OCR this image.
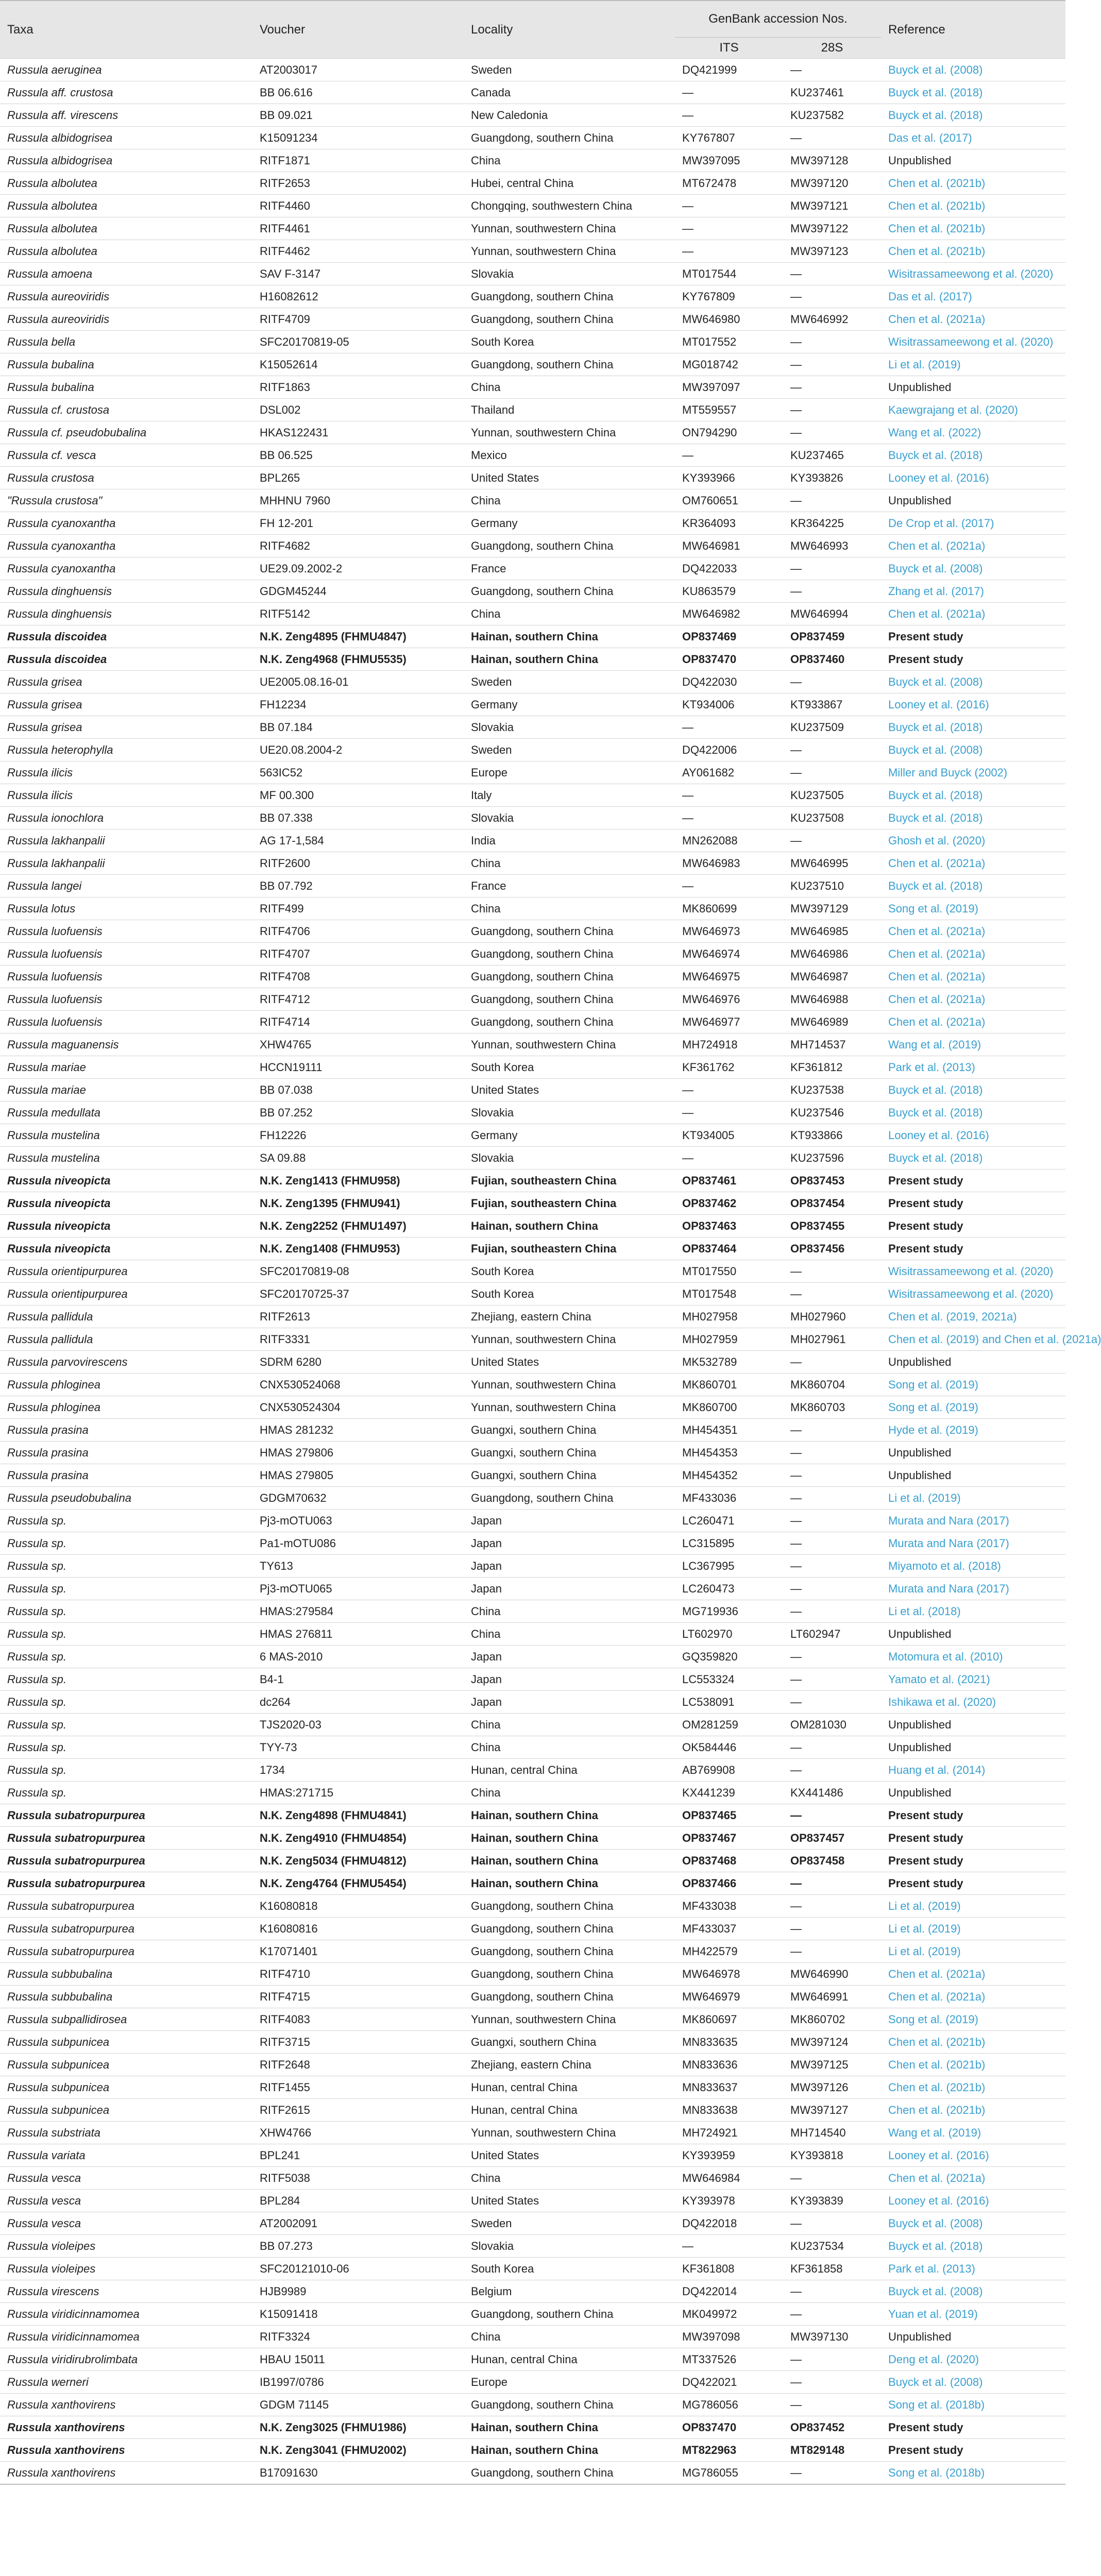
Taxa	Voucher	Locality	GenBank accession Nos.		Reference
			ITS	28S	
Russula aeruginea	AT2003017	Sweden	DQ421999	—	Buyck et al. (2008)
Russula aff. crustosa	BB 06.616	Canada	—	KU237461	Buyck et al. (2018)
Russula aff. virescens	BB 09.021	New Caledonia	—	KU237582	Buyck et al. (2018)
Russula albidogrisea	K15091234	Guangdong, southern China	KY767807	—	Das et al. (2017)
Russula albidogrisea	RITF1871	China	MW397095	MW397128	Unpublished
Russula albolutea	RITF2653	Hubei, central China	MT672478	MW397120	Chen et al. (2021b)
Russula albolutea	RITF4460	Chongqing, southwestern China	—	MW397121	Chen et al. (2021b)
Russula albolutea	RITF4461	Yunnan, southwestern China	—	MW397122	Chen et al. (2021b)
Russula albolutea	RITF4462	Yunnan, southwestern China	—	MW397123	Chen et al. (2021b)
Russula amoena	SAV F-3147	Slovakia	MT017544	—	Wisitrassameewong et al. (2020)
Russula aureoviridis	H16082612	Guangdong, southern China	KY767809	—	Das et al. (2017)
Russula aureoviridis	RITF4709	Guangdong, southern China	MW646980	MW646992	Chen et al. (2021a)
Russula bella	SFC20170819-05	South Korea	MT017552	—	Wisitrassameewong et al. (2020)
Russula bubalina	K15052614	Guangdong, southern China	MG018742	—	Li et al. (2019)
Russula bubalina	RITF1863	China	MW397097	—	Unpublished
Russula cf. crustosa	DSL002	Thailand	MT559557	—	Kaewgrajang et al. (2020)
Russula cf. pseudobubalina	HKAS122431	Yunnan, southwestern China	ON794290	—	Wang et al. (2022)
Russula cf. vesca	BB 06.525	Mexico	—	KU237465	Buyck et al. (2018)
Russula crustosa	BPL265	United States	KY393966	KY393826	Looney et al. (2016)
"Russula crustosa"	MHHNU 7960	China	OM760651	—	Unpublished
Russula cyanoxantha	FH 12-201	Germany	KR364093	KR364225	De Crop et al. (2017)
Russula cyanoxantha	RITF4682	Guangdong, southern China	MW646981	MW646993	Chen et al. (2021a)
Russula cyanoxantha	UE29.09.2002-2	France	DQ422033	—	Buyck et al. (2008)
Russula dinghuensis	GDGM45244	Guangdong, southern China	KU863579	—	Zhang et al. (2017)
Russula dinghuensis	RITF5142	China	MW646982	MW646994	Chen et al. (2021a)
Russula discoidea	N.K. Zeng4895 (FHMU4847)	Hainan, southern China	OP837469	OP837459	Present study
Russula discoidea	N.K. Zeng4968 (FHMU5535)	Hainan, southern China	OP837470	OP837460	Present study
Russula grisea	UE2005.08.16-01	Sweden	DQ422030	—	Buyck et al. (2008)
Russula grisea	FH12234	Germany	KT934006	KT933867	Looney et al. (2016)
Russula grisea	BB 07.184	Slovakia	—	KU237509	Buyck et al. (2018)
Russula heterophylla	UE20.08.2004-2	Sweden	DQ422006	—	Buyck et al. (2008)
Russula ilicis	563IC52	Europe	AY061682	—	Miller and Buyck (2002)
Russula ilicis	MF 00.300	Italy	—	KU237505	Buyck et al. (2018)
Russula ionochlora	BB 07.338	Slovakia	—	KU237508	Buyck et al. (2018)
Russula lakhanpalii	AG 17-1,584	India	MN262088	—	Ghosh et al. (2020)
Russula lakhanpalii	RITF2600	China	MW646983	MW646995	Chen et al. (2021a)
Russula langei	BB 07.792	France	—	KU237510	Buyck et al. (2018)
Russula lotus	RITF499	China	MK860699	MW397129	Song et al. (2019)
Russula luofuensis	RITF4706	Guangdong, southern China	MW646973	MW646985	Chen et al. (2021a)
Russula luofuensis	RITF4707	Guangdong, southern China	MW646974	MW646986	Chen et al. (2021a)
Russula luofuensis	RITF4708	Guangdong, southern China	MW646975	MW646987	Chen et al. (2021a)
Russula luofuensis	RITF4712	Guangdong, southern China	MW646976	MW646988	Chen et al. (2021a)
Russula luofuensis	RITF4714	Guangdong, southern China	MW646977	MW646989	Chen et al. (2021a)
Russula maguanensis	XHW4765	Yunnan, southwestern China	MH724918	MH714537	Wang et al. (2019)
Russula mariae	HCCN19111	South Korea	KF361762	KF361812	Park et al. (2013)
Russula mariae	BB 07.038	United States	—	KU237538	Buyck et al. (2018)
Russula medullata	BB 07.252	Slovakia	—	KU237546	Buyck et al. (2018)
Russula mustelina	FH12226	Germany	KT934005	KT933866	Looney et al. (2016)
Russula mustelina	SA 09.88	Slovakia	—	KU237596	Buyck et al. (2018)
Russula niveopicta	N.K. Zeng1413 (FHMU958)	Fujian, southeastern China	OP837461	OP837453	Present study
Russula niveopicta	N.K. Zeng1395 (FHMU941)	Fujian, southeastern China	OP837462	OP837454	Present study
Russula niveopicta	N.K. Zeng2252 (FHMU1497)	Hainan, southern China	OP837463	OP837455	Present study
Russula niveopicta	N.K. Zeng1408 (FHMU953)	Fujian, southeastern China	OP837464	OP837456	Present study
Russula orientipurpurea	SFC20170819-08	South Korea	MT017550	—	Wisitrassameewong et al. (2020)
Russula orientipurpurea	SFC20170725-37	South Korea	MT017548	—	Wisitrassameewong et al. (2020)
Russula pallidula	RITF2613	Zhejiang, eastern China	MH027958	MH027960	Chen et al. (2019, 2021a)
Russula pallidula	RITF3331	Yunnan, southwestern China	MH027959	MH027961	Chen et al. (2019) and Chen et al. (2021a)
Russula parvovirescens	SDRM 6280	United States	MK532789	—	Unpublished
Russula phloginea	CNX530524068	Yunnan, southwestern China	MK860701	MK860704	Song et al. (2019)
Russula phloginea	CNX530524304	Yunnan, southwestern China	MK860700	MK860703	Song et al. (2019)
Russula prasina	HMAS 281232	Guangxi, southern China	MH454351	—	Hyde et al. (2019)
Russula prasina	HMAS 279806	Guangxi, southern China	MH454353	—	Unpublished
Russula prasina	HMAS 279805	Guangxi, southern China	MH454352	—	Unpublished
Russula pseudobubalina	GDGM70632	Guangdong, southern China	MF433036	—	Li et al. (2019)
Russula sp.	Pj3-mOTU063	Japan	LC260471	—	Murata and Nara (2017)
Russula sp.	Pa1-mOTU086	Japan	LC315895	—	Murata and Nara (2017)
Russula sp.	TY613	Japan	LC367995	—	Miyamoto et al. (2018)
Russula sp.	Pj3-mOTU065	Japan	LC260473	—	Murata and Nara (2017)
Russula sp.	HMAS:279584	China	MG719936	—	Li et al. (2018)
Russula sp.	HMAS 276811	China	LT602970	LT602947	Unpublished
Russula sp.	6 MAS-2010	Japan	GQ359820	—	Motomura et al. (2010)
Russula sp.	B4-1	Japan	LC553324	—	Yamato et al. (2021)
Russula sp.	dc264	Japan	LC538091	—	Ishikawa et al. (2020)
Russula sp.	TJS2020-03	China	OM281259	OM281030	Unpublished
Russula sp.	TYY-73	China	OK584446	—	Unpublished
Russula sp.	1734	Hunan, central China	AB769908	—	Huang et al. (2014)
Russula sp.	HMAS:271715	China	KX441239	KX441486	Unpublished
Russula subatropurpurea	N.K. Zeng4898 (FHMU4841)	Hainan, southern China	OP837465	—	Present study
Russula subatropurpurea	N.K. Zeng4910 (FHMU4854)	Hainan, southern China	OP837467	OP837457	Present study
Russula subatropurpurea	N.K. Zeng5034 (FHMU4812)	Hainan, southern China	OP837468	OP837458	Present study
Russula subatropurpurea	N.K. Zeng4764 (FHMU5454)	Hainan, southern China	OP837466	—	Present study
Russula subatropurpurea	K16080818	Guangdong, southern China	MF433038	—	Li et al. (2019)
Russula subatropurpurea	K16080816	Guangdong, southern China	MF433037	—	Li et al. (2019)
Russula subatropurpurea	K17071401	Guangdong, southern China	MH422579	—	Li et al. (2019)
Russula subbubalina	RITF4710	Guangdong, southern China	MW646978	MW646990	Chen et al. (2021a)
Russula subbubalina	RITF4715	Guangdong, southern China	MW646979	MW646991	Chen et al. (2021a)
Russula subpallidirosea	RITF4083	Yunnan, southwestern China	MK860697	MK860702	Song et al. (2019)
Russula subpunicea	RITF3715	Guangxi, southern China	MN833635	MW397124	Chen et al. (2021b)
Russula subpunicea	RITF2648	Zhejiang, eastern China	MN833636	MW397125	Chen et al. (2021b)
Russula subpunicea	RITF1455	Hunan, central China	MN833637	MW397126	Chen et al. (2021b)
Russula subpunicea	RITF2615	Hunan, central China	MN833638	MW397127	Chen et al. (2021b)
Russula substriata	XHW4766	Yunnan, southwestern China	MH724921	MH714540	Wang et al. (2019)
Russula variata	BPL241	United States	KY393959	KY393818	Looney et al. (2016)
Russula vesca	RITF5038	China	MW646984	—	Chen et al. (2021a)
Russula vesca	BPL284	United States	KY393978	KY393839	Looney et al. (2016)
Russula vesca	AT2002091	Sweden	DQ422018	—	Buyck et al. (2008)
Russula violeipes	BB 07.273	Slovakia	—	KU237534	Buyck et al. (2018)
Russula violeipes	SFC20121010-06	South Korea	KF361808	KF361858	Park et al. (2013)
Russula virescens	HJB9989	Belgium	DQ422014	—	Buyck et al. (2008)
Russula viridicinnamomea	K15091418	Guangdong, southern China	MK049972	—	Yuan et al. (2019)
Russula viridicinnamomea	RITF3324	China	MW397098	MW397130	Unpublished
Russula viridirubrolimbata	HBAU 15011	Hunan, central China	MT337526	—	Deng et al. (2020)
Russula werneri	IB1997/0786	Europe	DQ422021	—	Buyck et al. (2008)
Russula xanthovirens	GDGM 71145	Guangdong, southern China	MG786056	—	Song et al. (2018b)
Russula xanthovirens	N.K. Zeng3025 (FHMU1986)	Hainan, southern China	OP837470	OP837452	Present study
Russula xanthovirens	N.K. Zeng3041 (FHMU2002)	Hainan, southern China	MT822963	MT829148	Present study
Russula xanthovirens	B17091630	Guangdong, southern China	MG786055	—	Song et al. (2018b)
